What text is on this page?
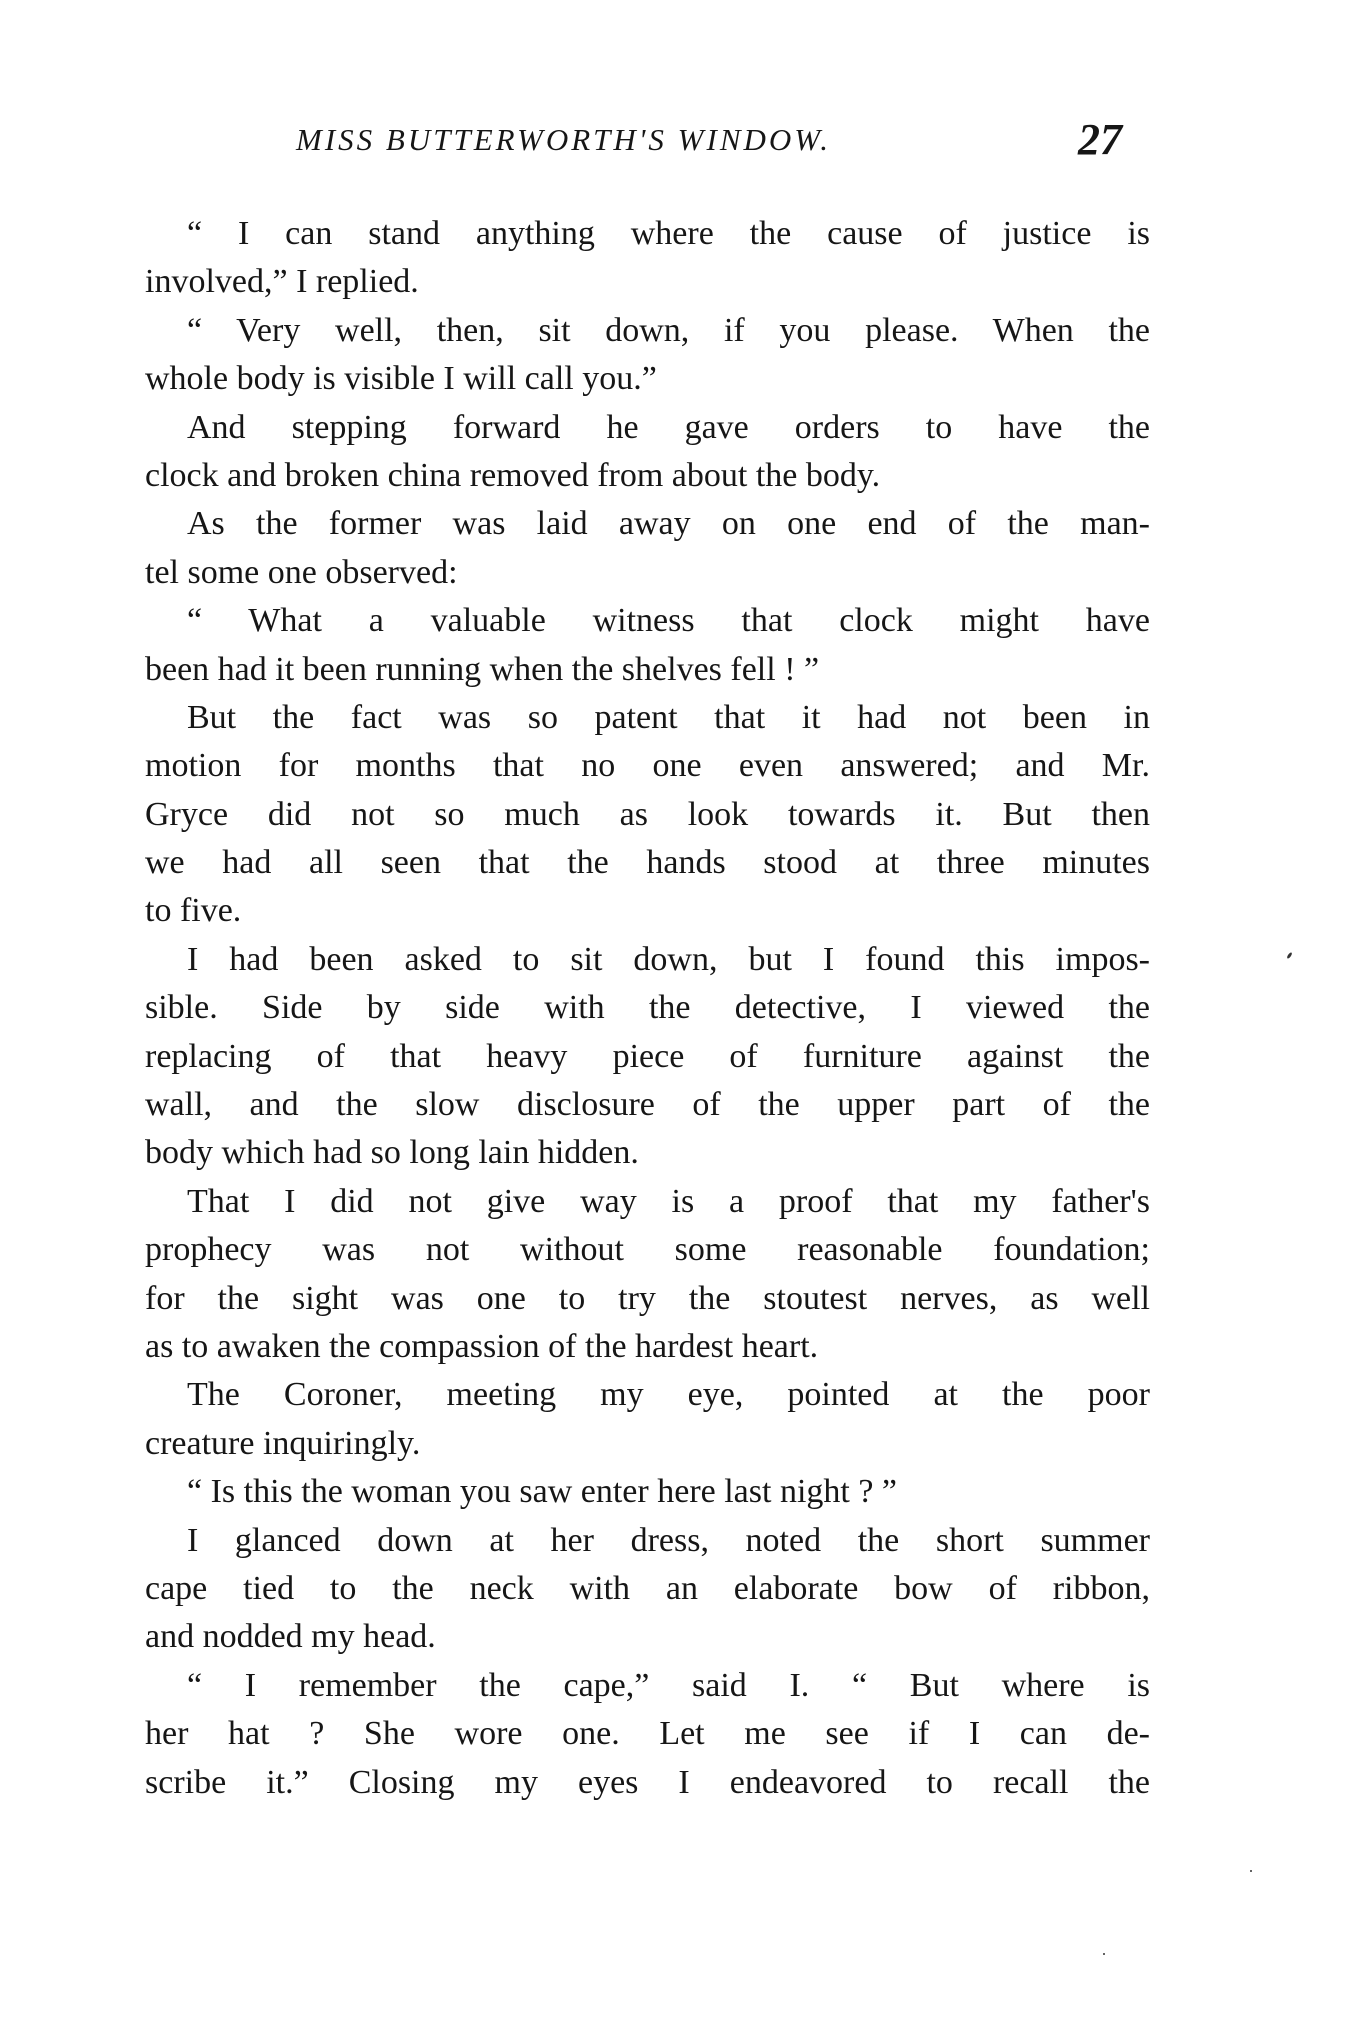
MISS BUTTERWORTH'S WINDOW.	27
“ I can stand anything where the cause of justice is
involved,” I replied.
“ Very well, then, sit down, if you please. When the
whole body is visible I will call you.”
And stepping forward he gave orders to have the
clock and broken china removed from about the body.
As the former was laid away on one end of the man-
tel some one observed:
“ What a valuable witness that clock might have
been had it been running when the shelves fell ! ”
But the fact was so patent that it had not been in
motion for months that no one even answered; and Mr.
Gryce did not so much as look towards it. But then
we had all seen that the hands stood at three minutes
to five.
I had been asked to sit down, but I found this impos-
sible. Side by side with the detective, I viewed the
replacing of that heavy piece of furniture against the
wall, and the slow disclosure of the upper part of the
body which had so long lain hidden.
That I did not give way is a proof that my father's
prophecy was not without some reasonable foundation;
for the sight was one to try the stoutest nerves, as well
as to awaken the compassion of the hardest heart.
The Coroner, meeting my eye, pointed at the poor
creature inquiringly.
“ Is this the woman you saw enter here last night ? ”
I glanced down at her dress, noted the short summer
cape tied to the neck with an elaborate bow of ribbon,
and nodded my head.
“ I remember the cape,” said I. “ But where is
her hat ? She wore one. Let me see if I can de-
scribe it.” Closing my eyes I endeavored to recall the
